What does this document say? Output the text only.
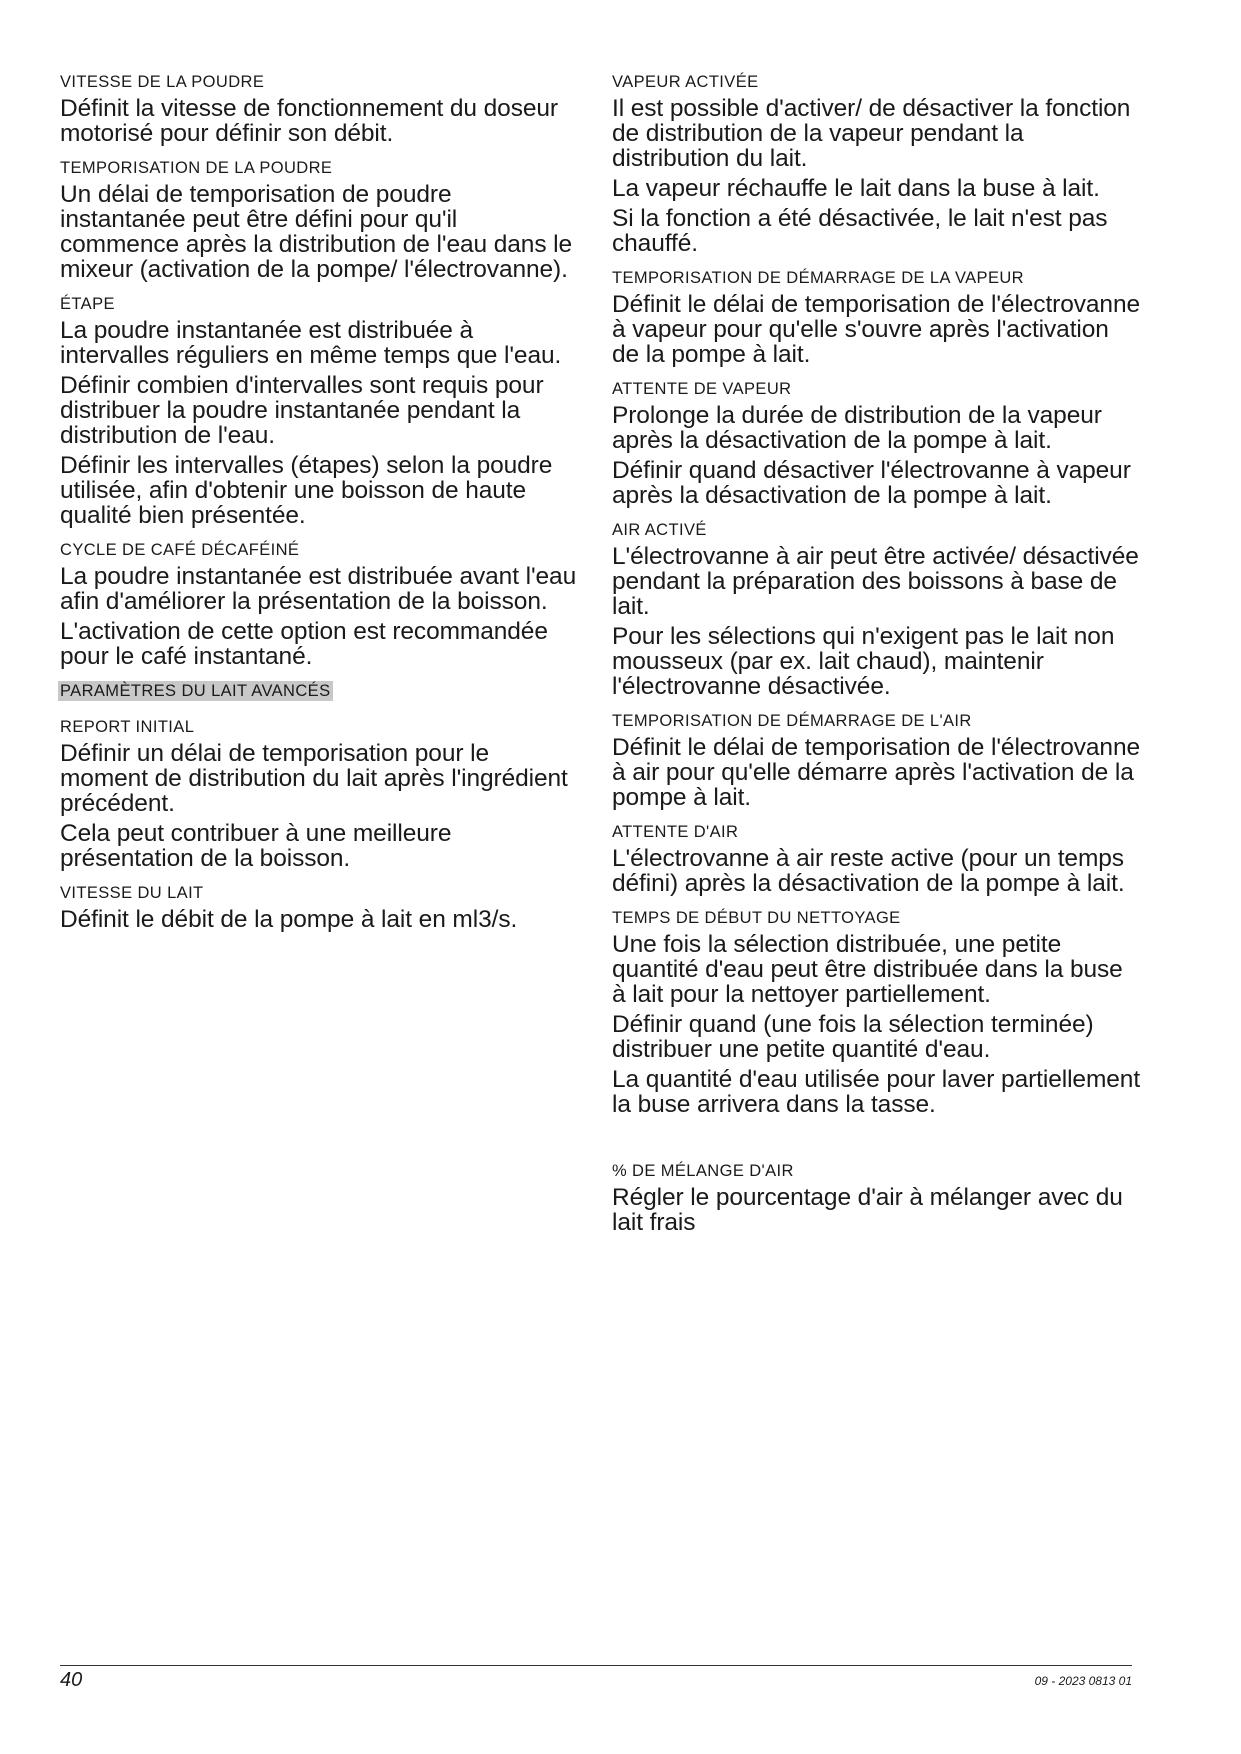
VITESSE DE LA POUDRE

Définit la vitesse de fonctionnement du doseur motorisé pour définir son débit.

TEMPORISATION DE LA POUDRE

Un délai de temporisation de poudre instantanée peut être défini pour qu'il commence après la distribution de l'eau dans le mixeur (activation de la pompe/ l'électrovanne).

ÉTAPE

La poudre instantanée est distribuée à intervalles réguliers en même temps que l'eau.

Définir combien d'intervalles sont requis pour distribuer la poudre instantanée pendant la distribution de l'eau.

Définir les intervalles (étapes) selon la poudre utilisée, afin d'obtenir une boisson de haute qualité bien présentée.

CYCLE DE CAFÉ DÉCAFÉINÉ

La poudre instantanée est distribuée avant l'eau afin d'améliorer la présentation de la boisson.

L'activation de cette option est recommandée pour le café instantané.

PARAMÈTRES DU LAIT AVANCÉS
REPORT INITIAL

Définir un délai de temporisation pour le moment de distribution du lait après l'ingrédient précédent.

Cela peut contribuer à une meilleure présentation de la boisson.

VITESSE DU LAIT

Définit le débit de la pompe à lait en ml3/s.

VAPEUR ACTIVÉE

Il est possible d'activer/ de désactiver la fonction de distribution de la vapeur pendant la distribution du lait.

La vapeur réchauffe le lait dans la buse à lait.

Si la fonction a été désactivée, le lait n'est pas chauffé.

TEMPORISATION DE DÉMARRAGE DE LA VAPEUR

Définit le délai de temporisation de l'électrovanne à vapeur pour qu'elle s'ouvre après l'activation de la pompe à lait.

ATTENTE DE VAPEUR

Prolonge la durée de distribution de la vapeur après la désactivation de la pompe à lait.

Définir quand désactiver l'électrovanne à vapeur après la désactivation de la pompe à lait.

AIR ACTIVÉ

L'électrovanne à air peut être activée/ désactivée pendant la préparation des boissons à base de lait.

Pour les sélections qui n'exigent pas le lait non mousseux (par ex. lait chaud), maintenir l'électrovanne désactivée.

TEMPORISATION DE DÉMARRAGE DE L'AIR

Définit le délai de temporisation de l'électrovanne à air pour qu'elle démarre après l'activation de la pompe à lait.

ATTENTE D'AIR

L'électrovanne à air reste active (pour un temps défini) après la désactivation de la pompe à lait.

TEMPS DE DÉBUT DU NETTOYAGE

Une fois la sélection distribuée, une petite quantité d'eau peut être distribuée dans la buse à lait pour la nettoyer partiellement.

Définir quand (une fois la sélection terminée) distribuer une petite quantité d'eau.

La quantité d'eau utilisée pour laver partiellement la buse arrivera dans la tasse.

% DE MÉLANGE D'AIR

Régler le pourcentage d'air à mélanger avec du lait frais

40	09 - 2023 0813 01
